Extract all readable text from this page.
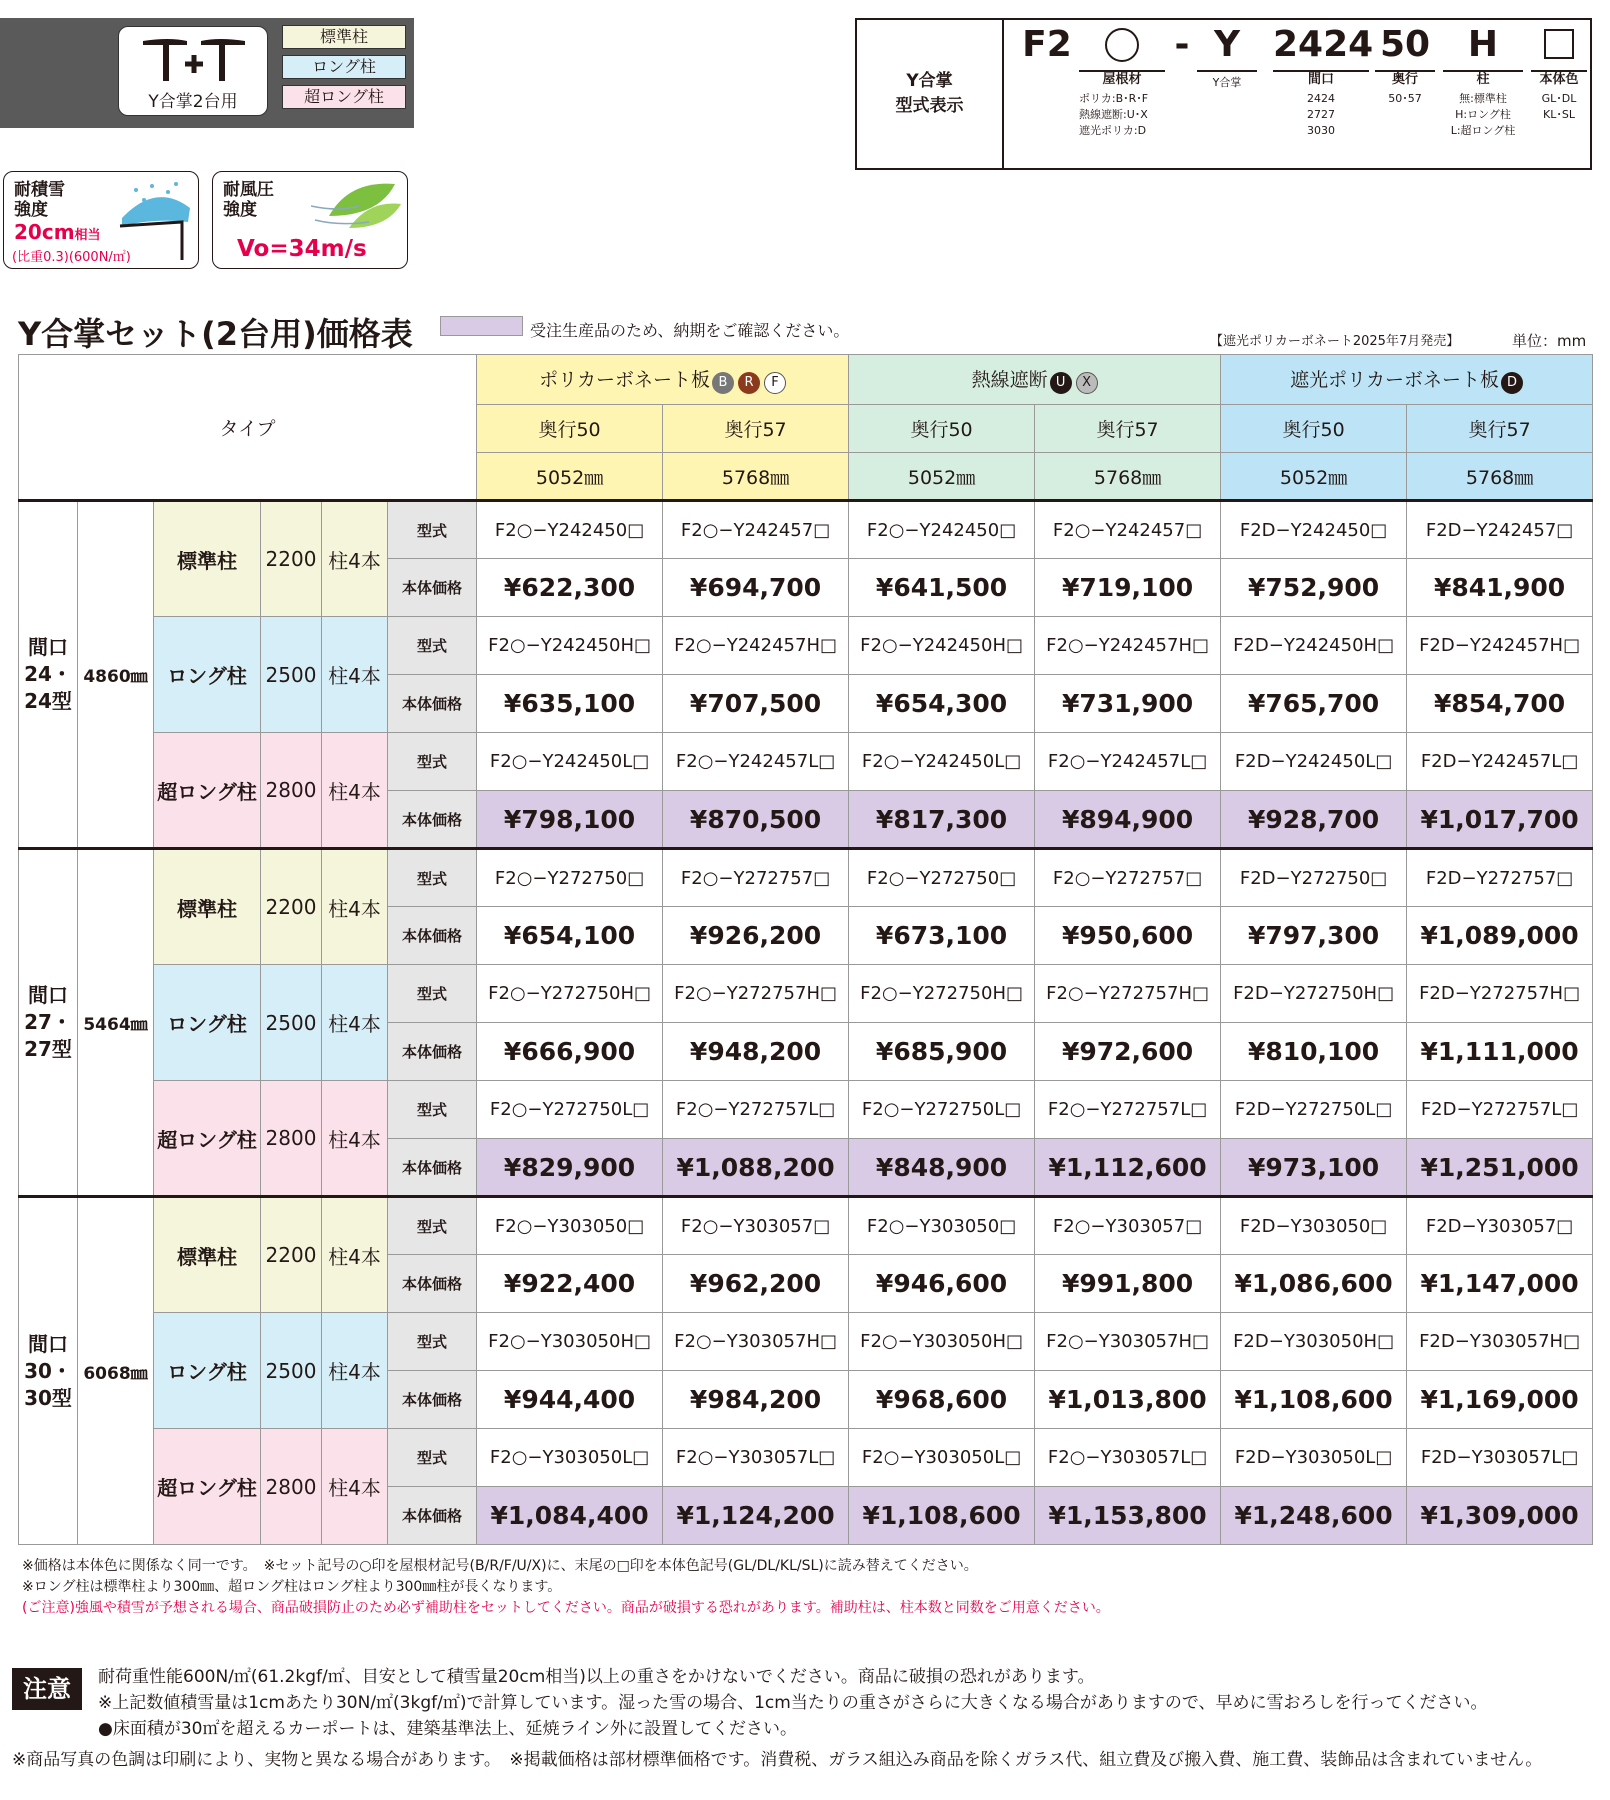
Y合掌2台用
標準柱
ロング柱
超ロング柱
Y合掌
型式表示
F2
屋根材
ポリカ:B･R･F
熱線遮断:U･X
遮光ポリカ:D
- Y
Y合掌
2424
間口
2424
2727
3030
50
奥行
50･57
H
柱
無:標準柱
H:ロング柱
L:超ロング柱
本体色
GL･DL
KL･SL
耐積雪
強度
20cm相当
(比重0.3)(600N/㎡)
耐風圧
強度
Vo=34m/s
Y合掌セット(2台用)価格表	受注生産品のため、納期をご確認ください。
【遮光ポリカーボネート2025年7月発売】	単位：mm
タイプ						ポリカーボネート板 B R F		熱線遮断 U X		遮光ポリカーボネート板 D	
						奥行50	奥行57	奥行50	奥行57	奥行50	奥行57
						5052㎜	5768㎜	5052㎜	5768㎜	5052㎜	5768㎜
間口
24・
24型	4860㎜	標準柱	2200	柱4本	型式	F2○−Y242450□	F2○−Y242457□	F2○−Y242450□	F2○−Y242457□	F2D−Y242450□	F2D−Y242457□
					本体価格	¥622,300	¥694,700	¥641,500	¥719,100	¥752,900	¥841,900
		ロング柱	2500	柱4本	型式	F2○−Y242450H□	F2○−Y242457H□	F2○−Y242450H□	F2○−Y242457H□	F2D−Y242450H□	F2D−Y242457H□
					本体価格	¥635,100	¥707,500	¥654,300	¥731,900	¥765,700	¥854,700
		超ロング柱	2800	柱4本	型式	F2○−Y242450L□	F2○−Y242457L□	F2○−Y242450L□	F2○−Y242457L□	F2D−Y242450L□	F2D−Y242457L□
					本体価格	¥798,100	¥870,500	¥817,300	¥894,900	¥928,700	¥1,017,700
間口
27・
27型	5464㎜	標準柱	2200	柱4本	型式	F2○−Y272750□	F2○−Y272757□	F2○−Y272750□	F2○−Y272757□	F2D−Y272750□	F2D−Y272757□
					本体価格	¥654,100	¥926,200	¥673,100	¥950,600	¥797,300	¥1,089,000
		ロング柱	2500	柱4本	型式	F2○−Y272750H□	F2○−Y272757H□	F2○−Y272750H□	F2○−Y272757H□	F2D−Y272750H□	F2D−Y272757H□
					本体価格	¥666,900	¥948,200	¥685,900	¥972,600	¥810,100	¥1,111,000
		超ロング柱	2800	柱4本	型式	F2○−Y272750L□	F2○−Y272757L□	F2○−Y272750L□	F2○−Y272757L□	F2D−Y272750L□	F2D−Y272757L□
					本体価格	¥829,900	¥1,088,200	¥848,900	¥1,112,600	¥973,100	¥1,251,000
間口
30・
30型	6068㎜	標準柱	2200	柱4本	型式	F2○−Y303050□	F2○−Y303057□	F2○−Y303050□	F2○−Y303057□	F2D−Y303050□	F2D−Y303057□
					本体価格	¥922,400	¥962,200	¥946,600	¥991,800	¥1,086,600	¥1,147,000
		ロング柱	2500	柱4本	型式	F2○−Y303050H□	F2○−Y303057H□	F2○−Y303050H□	F2○−Y303057H□	F2D−Y303050H□	F2D−Y303057H□
					本体価格	¥944,400	¥984,200	¥968,600	¥1,013,800	¥1,108,600	¥1,169,000
		超ロング柱	2800	柱4本	型式	F2○−Y303050L□	F2○−Y303057L□	F2○−Y303050L□	F2○−Y303057L□	F2D−Y303050L□	F2D−Y303057L□
					本体価格	¥1,084,400	¥1,124,200	¥1,108,600	¥1,153,800	¥1,248,600	¥1,309,000
※価格は本体色に関係なく同一です。　※セット記号の○印を屋根材記号(B/R/F/U/X)に、末尾の□印を本体色記号(GL/DL/KL/SL)に読み替えてください。
※ロング柱は標準柱より300㎜、超ロング柱はロング柱より300㎜柱が長くなります。
(ご注意)強風や積雪が予想される場合、商品破損防止のため必ず補助柱をセットしてください。商品が破損する恐れがあります。補助柱は、柱本数と同数をご用意ください。
注意	耐荷重性能600N/㎡(61.2kgf/㎡、目安として積雪量20cm相当)以上の重さをかけないでください。商品に破損の恐れがあります。
※上記数値積雪量は1cmあたり30N/㎡(3kgf/㎡)で計算しています。湿った雪の場合、1cm当たりの重さがさらに大きくなる場合がありますので、早めに雪おろしを行ってください。
●床面積が30㎡を超えるカーポートは、建築基準法上、延焼ライン外に設置してください。
※商品写真の色調は印刷により、実物と異なる場合があります。　※掲載価格は部材標準価格です。消費税、ガラス組込み商品を除くガラス代、組立費及び搬入費、施工費、装飾品は含まれていません。
